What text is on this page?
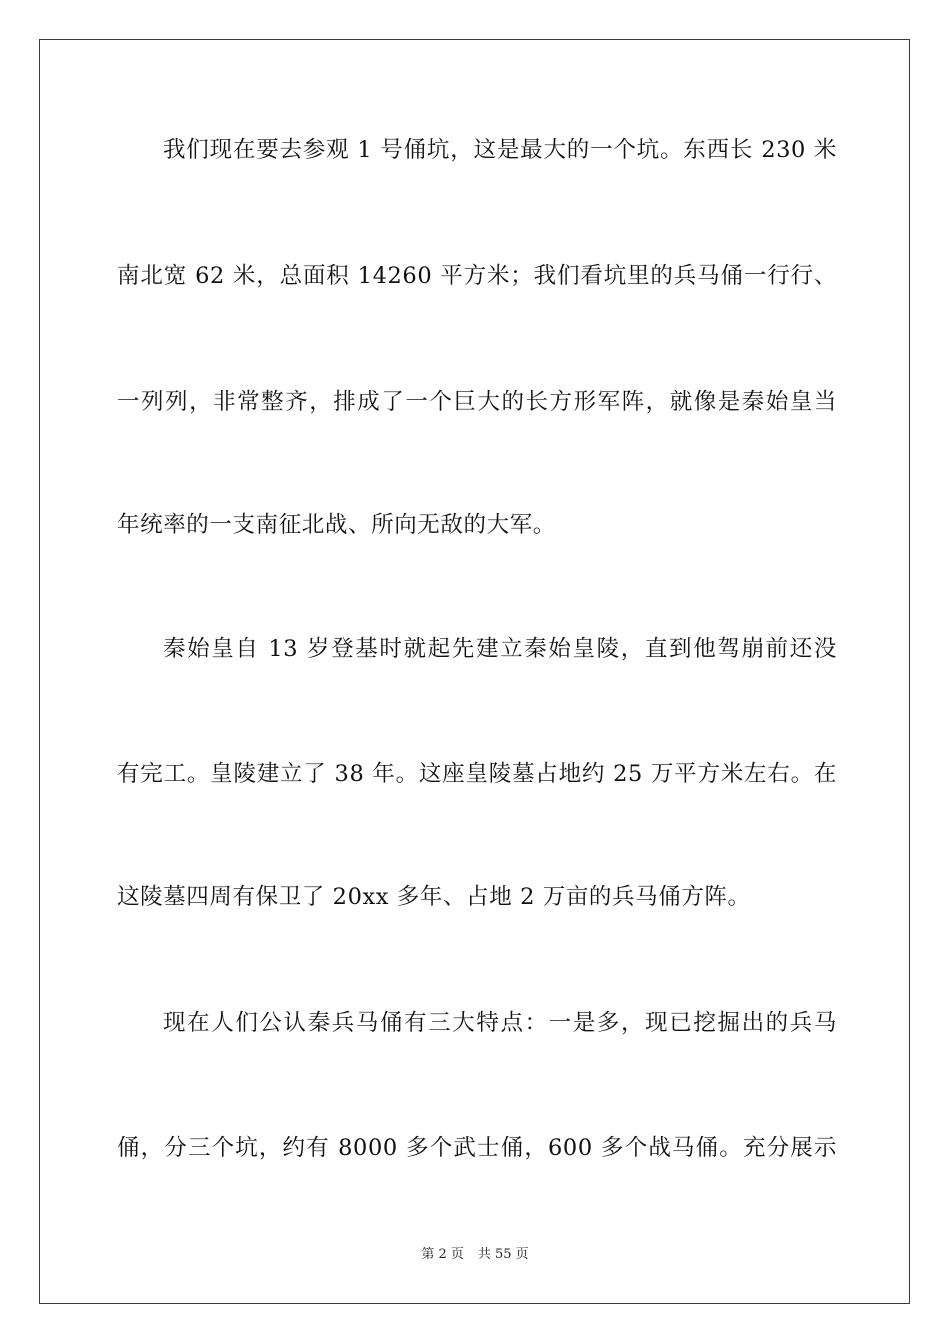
我们现在要去参观 1 号俑坑，这是最大的一个坑。东西长 230 米
南北宽 62 米，总面积 14260 平方米；我们看坑里的兵马俑一行行、
一列列，非常整齐，排成了一个巨大的长方形军阵，就像是秦始皇当
年统率的一支南征北战、所向无敌的大军。
秦始皇自 13 岁登基时就起先建立秦始皇陵，直到他驾崩前还没
有完工。皇陵建立了 38 年。这座皇陵墓占地约 25 万平方米左右。在
这陵墓四周有保卫了 20xx 多年、占地 2 万亩的兵马俑方阵。
现在人们公认秦兵马俑有三大特点：一是多，现已挖掘出的兵马
俑，分三个坑，约有 8000 多个武士俑，600 多个战马俑。充分展示
第 2 页 共 55 页
